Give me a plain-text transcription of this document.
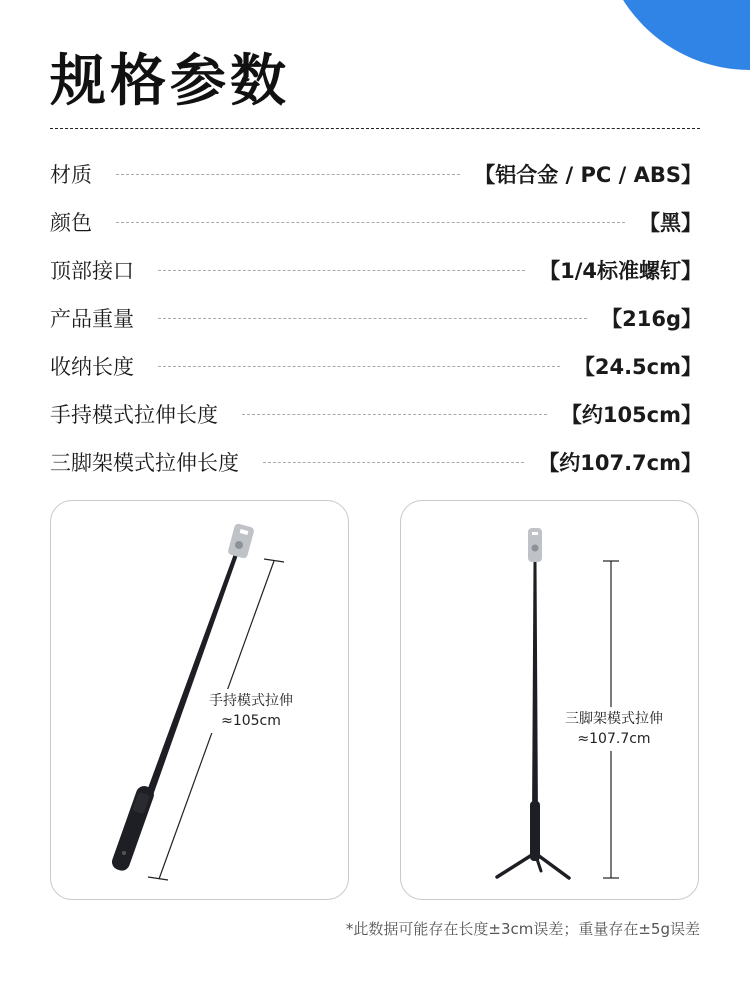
规格参数
材质	【铝合金 / PC / ABS】
颜色	【黑】
顶部接口	【1/4标准螺钉】
产品重量	【216g】
收纳长度	【24.5cm】
手持模式拉伸长度	【约105cm】
三脚架模式拉伸长度	【约107.7cm】
手持模式拉伸
≈105cm	三脚架模式拉伸
≈107.7cm
*此数据可能存在长度±3cm误差；重量存在±5g误差
